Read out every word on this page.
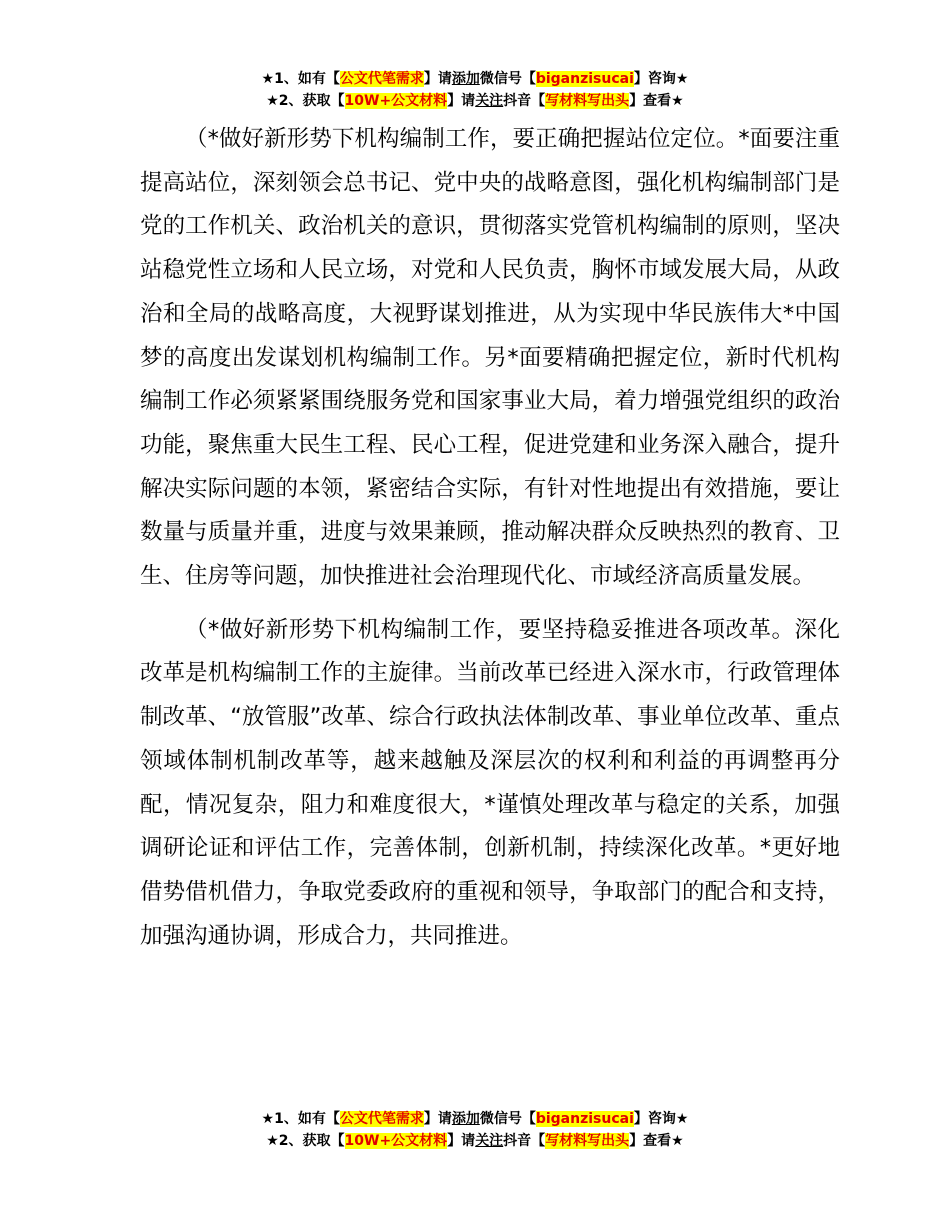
★1、如有【公文代笔需求】请添加微信号【biganzisucai】咨询★
★2、获取【10W+公文材料】请关注抖音【写材料写出头】查看★

（*做好新形势下机构编制工作，要正确把握站位定位。*面要注重提高站位，深刻领会总书记、党中央的战略意图，强化机构编制部门是党的工作机关、政治机关的意识，贯彻落实党管机构编制的原则，坚决站稳党性立场和人民立场，对党和人民负责，胸怀市域发展大局，从政治和全局的战略高度，大视野谋划推进，从为实现中华民族伟大*中国梦的高度出发谋划机构编制工作。另*面要精确把握定位，新时代机构编制工作必须紧紧围绕服务党和国家事业大局，着力增强党组织的政治功能，聚焦重大民生工程、民心工程，促进党建和业务深入融合，提升解决实际问题的本领，紧密结合实际，有针对性地提出有效措施，要让数量与质量并重，进度与效果兼顾，推动解决群众反映热烈的教育、卫生、住房等问题，加快推进社会治理现代化、市域经济高质量发展。

（*做好新形势下机构编制工作，要坚持稳妥推进各项改革。深化改革是机构编制工作的主旋律。当前改革已经进入深水市，行政管理体制改革、“放管服”改革、综合行政执法体制改革、事业单位改革、重点领域体制机制改革等，越来越触及深层次的权利和利益的再调整再分配，情况复杂，阻力和难度很大，*谨慎处理改革与稳定的关系，加强调研论证和评估工作，完善体制，创新机制，持续深化改革。*更好地借势借机借力，争取党委政府的重视和领导，争取部门的配合和支持，加强沟通协调，形成合力，共同推进。

★1、如有【公文代笔需求】请添加微信号【biganzisucai】咨询★
★2、获取【10W+公文材料】请关注抖音【写材料写出头】查看★
